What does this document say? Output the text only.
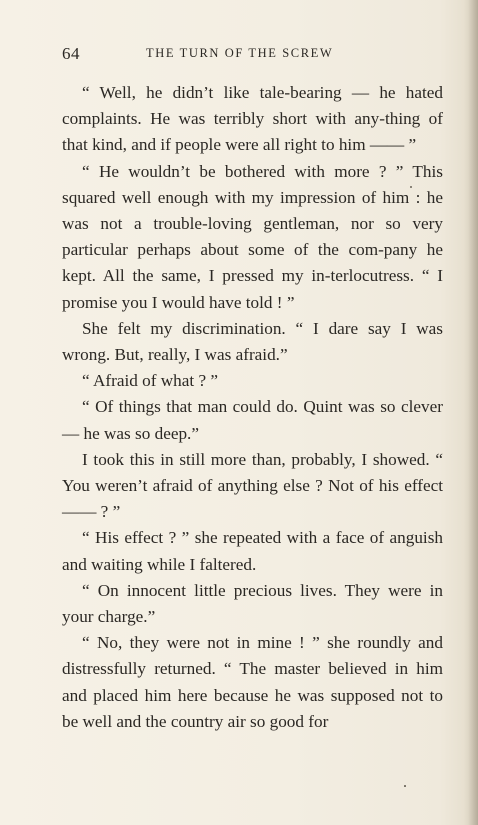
64	THE TURN OF THE SCREW

“ Well, he didn’t like tale-bearing — he hated complaints. He was terribly short with any-thing of that kind, and if people were all right to him —— ”

“ He wouldn’t be bothered with more ? ” This squared well enough with my impression of him : he was not a trouble-loving gentleman, nor so very particular perhaps about some of the com-pany he kept. All the same, I pressed my in-terlocutress. “ I promise you I would have told ! ”

She felt my discrimination. “ I dare say I was wrong. But, really, I was afraid.”

“ Afraid of what ? ”

“ Of things that man could do. Quint was so clever — he was so deep.”

I took this in still more than, probably, I showed. “ You weren’t afraid of anything else ? Not of his effect —— ? ”

“ His effect ? ” she repeated with a face of anguish and waiting while I faltered.

“ On innocent little precious lives. They were in your charge.”

“ No, they were not in mine ! ” she roundly and distressfully returned. “ The master believed in him and placed him here because he was supposed not to be well and the country air so good for
